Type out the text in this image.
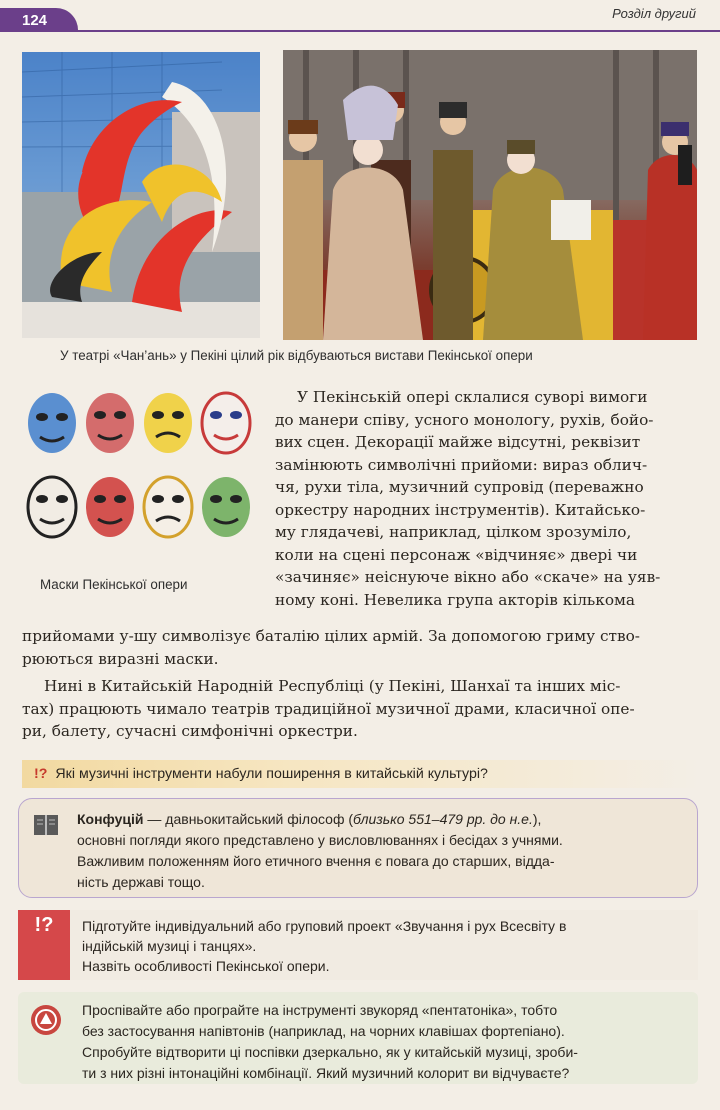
124	Розділ другий
У театрі «Чан’ань» у Пекіні цілий рік відбуваються вистави Пекінської опери
Маски Пекінської опери
У Пекінській опері склалися суворі вимоги
до манери співу, усного монологу, рухів, бойо-
вих сцен. Декорації майже відсутні, реквізит
замінюють символічні прийоми: вираз облич-
чя, рухи тіла, музичний супровід (переважно
оркестру народних інструментів). Китайсько-
му глядачеві, наприклад, цілком зрозуміло,
коли на сцені персонаж «відчиняє» двері чи
«зачиняє» неіснуюче вікно або «скаче» на уяв-
ному коні. Невелика група акторів кількома
прийомами у-шу символізує баталію цілих армій. За допомогою гриму ство-
рюються виразні маски.
Нині в Китайській Народній Республіці (у Пекіні, Шанхаї та інших міс-
тах) працюють чимало театрів традиційної музичної драми, класичної опе-
ри, балету, сучасні симфонічні оркестри.
!? Які музичні інструменти набули поширення в китайській культурі?
Конфуцій — давньокитайський філософ (близько 551–479 рр. до н.е.),
основні погляди якого представлено у висловлюваннях і бесідах з учнями.
Важливим положенням його етичного вчення є повага до старших, відда-
ність державі тощо.
!?	Підготуйте індивідуальний або груповий проект «Звучання і рух Всесвіту в
індійській музиці і танцях».
Назвіть особливості Пекінської опери.
Проспівайте або програйте на інструменті звукоряд «пентатоніка», тобто
без застосування напівтонів (наприклад, на чорних клавішах фортепіано).
Спробуйте відтворити ці поспівки дзеркально, як у китайській музиці, зроби-
ти з них різні інтонаційні комбінації. Який музичний колорит ви відчуваєте?
